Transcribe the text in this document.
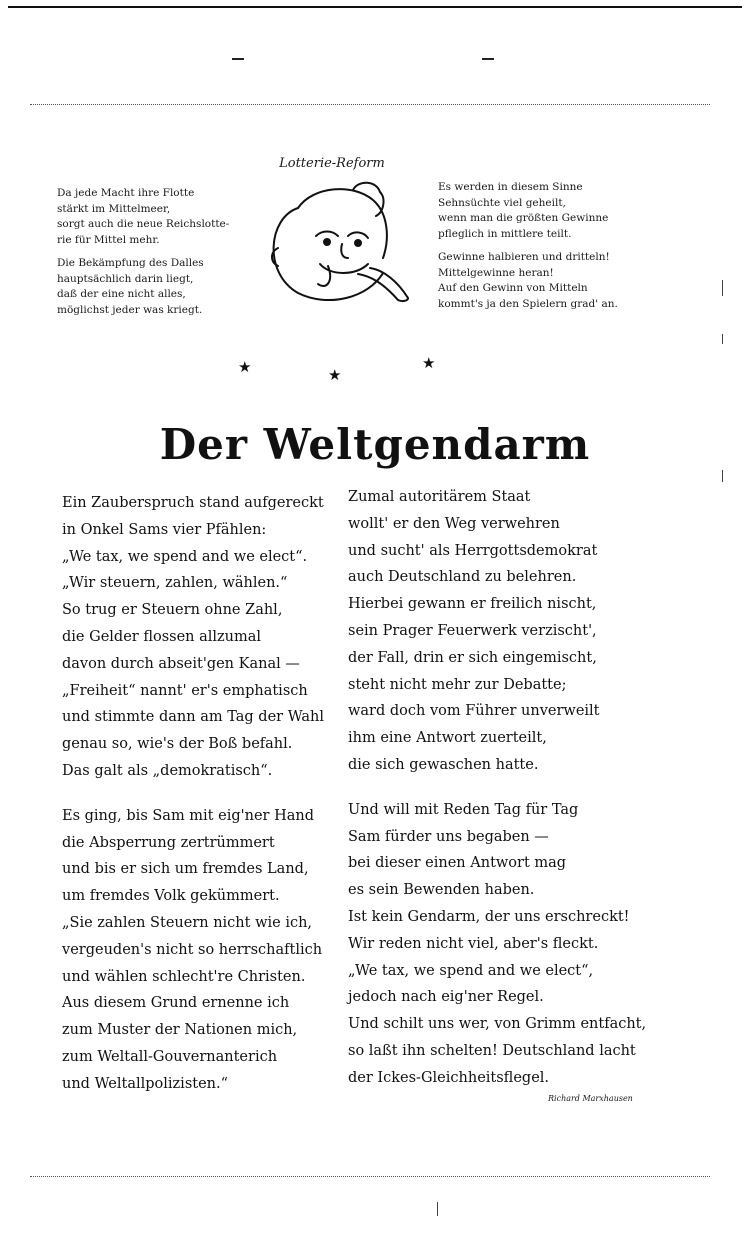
Da jede Macht ihre Flotte
stärkt im Mittelmeer,
sorgt auch die neue Reichslotte-
rie für Mittel mehr.

Die Bekämpfung des Dalles
hauptsächlich darin liegt,
daß der eine nicht alles,
möglichst jeder was kriegt.

Lotterie-Reform

Es werden in diesem Sinne
Sehnsüchte viel geheilt,
wenn man die größten Gewinne
pfleglich in mittlere teilt.

Gewinne halbieren und dritteln!
Mittelgewinne heran!
Auf den Gewinn von Mitteln
kommt's ja den Spielern grad' an.

★	★
★
Der Weltgendarm
Ein Zauberspruch stand aufgereckt
in Onkel Sams vier Pfählen:
„We tax, we spend and we elect“.
„Wir steuern, zahlen, wählen.“
So trug er Steuern ohne Zahl,
die Gelder flossen allzumal
davon durch abseit'gen Kanal —
„Freiheit“ nannt' er's emphatisch
und stimmte dann am Tag der Wahl
genau so, wie's der Boß befahl.
Das galt als „demokratisch“.
Es ging, bis Sam mit eig'ner Hand
die Absperrung zertrümmert
und bis er sich um fremdes Land,
um fremdes Volk gekümmert.
„Sie zahlen Steuern nicht wie ich,
vergeuden's nicht so herrschaftlich
und wählen schlecht're Christen.
Aus diesem Grund ernenne ich
zum Muster der Nationen mich,
zum Weltall-Gouvernanterich
und Weltallpolizisten.“
Zumal autoritärem Staat
wollt' er den Weg verwehren
und sucht' als Herrgottsdemokrat
auch Deutschland zu belehren.
Hierbei gewann er freilich nischt,
sein Prager Feuerwerk verzischt',
der Fall, drin er sich eingemischt,
steht nicht mehr zur Debatte;
ward doch vom Führer unverweilt
ihm eine Antwort zuerteilt,
die sich gewaschen hatte.
Und will mit Reden Tag für Tag
Sam fürder uns begaben —
bei dieser einen Antwort mag
es sein Bewenden haben.
Ist kein Gendarm, der uns erschreckt!
Wir reden nicht viel, aber's fleckt.
„We tax, we spend and we elect“,
jedoch nach eig'ner Regel.
Und schilt uns wer, von Grimm entfacht,
so laßt ihn schelten! Deutschland lacht
der Ickes-Gleichheitsflegel.
Richard Marxhausen
